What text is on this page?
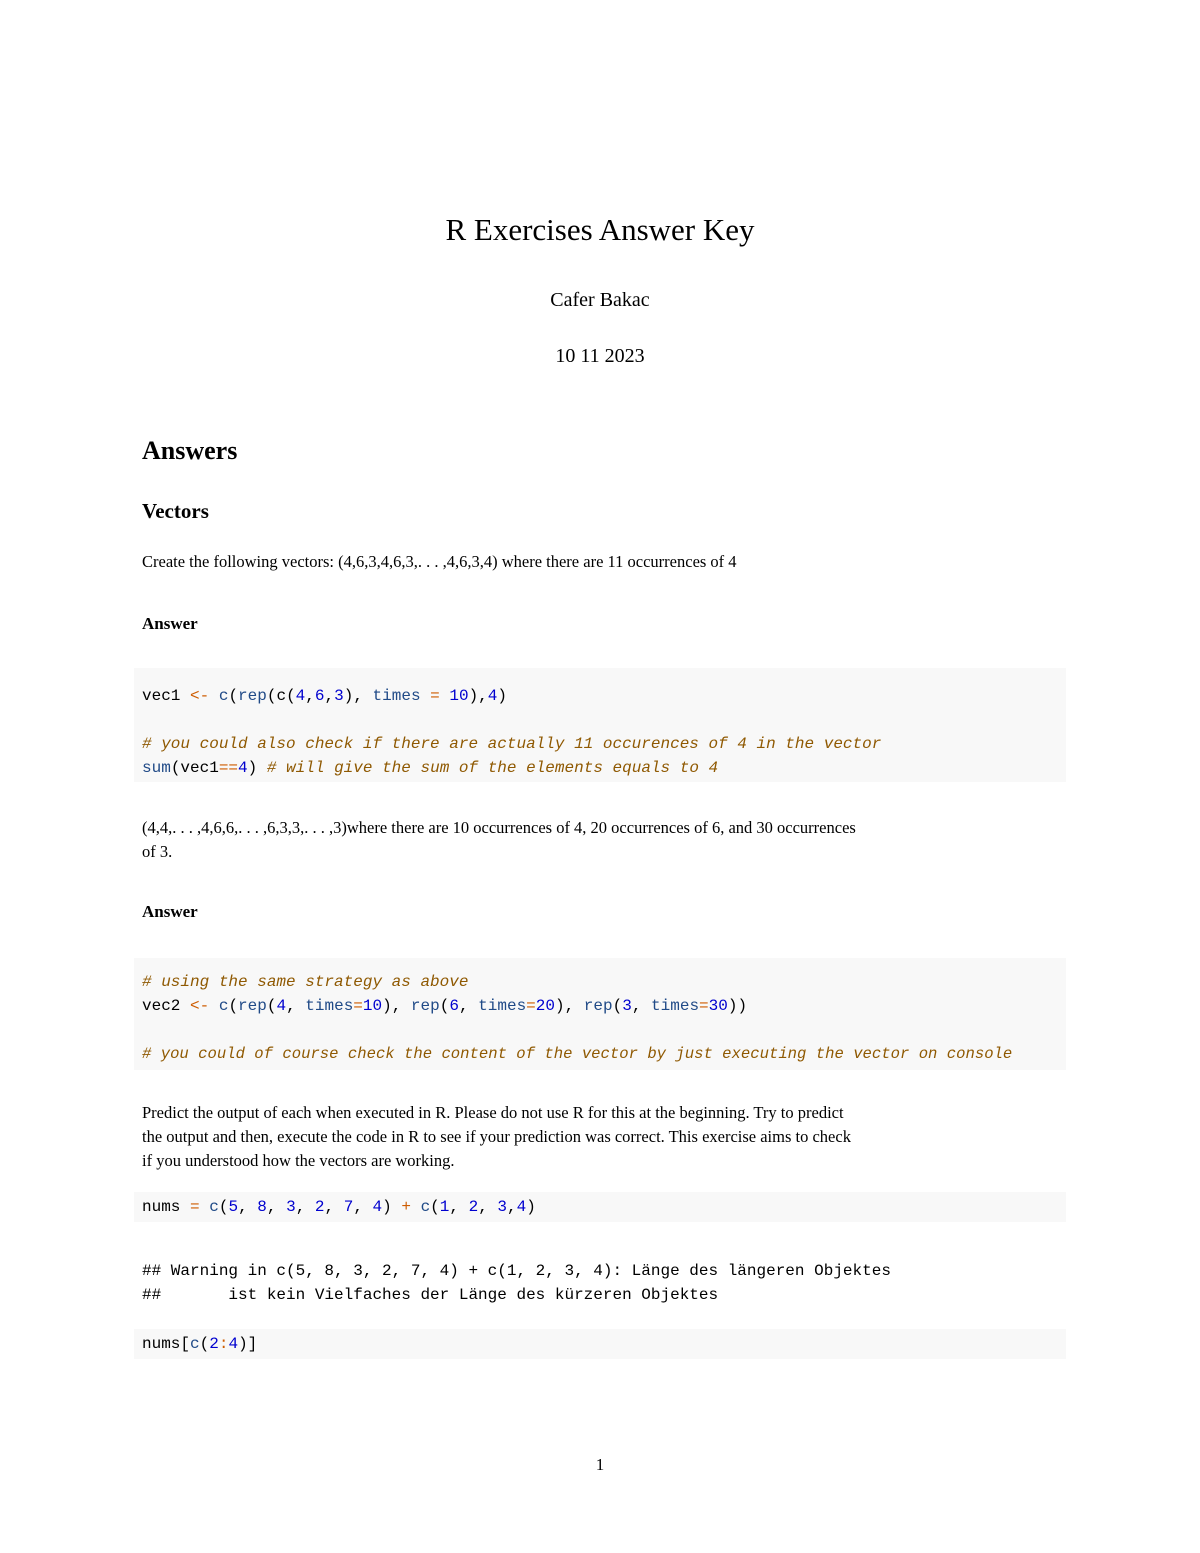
R Exercises Answer Key
Cafer Bakac
10 11 2023
Answers
Vectors
Create the following vectors: (4,6,3,4,6,3,. . . ,4,6,3,4) where there are 11 occurrences of 4
Answer
vec1 <- c(rep(c(4,6,3), times = 10),4)
# you could also check if there are actually 11 occurences of 4 in the vector
sum(vec1==4) # will give the sum of the elements equals to 4
(4,4,. . . ,4,6,6,. . . ,6,3,3,. . . ,3)where there are 10 occurrences of 4, 20 occurrences of 6, and 30 occurrences
of 3.
Answer
# using the same strategy as above
vec2 <- c(rep(4, times=10), rep(6, times=20), rep(3, times=30))
# you could of course check the content of the vector by just executing the vector on console
Predict the output of each when executed in R. Please do not use R for this at the beginning. Try to predict
the output and then, execute the code in R to see if your prediction was correct. This exercise aims to check
if you understood how the vectors are working.
nums = c(5, 8, 3, 2, 7, 4) + c(1, 2, 3,4)
## Warning in c(5, 8, 3, 2, 7, 4) + c(1, 2, 3, 4): Länge des längeren Objektes
##       ist kein Vielfaches der Länge des kürzeren Objektes
nums[c(2:4)]
1
